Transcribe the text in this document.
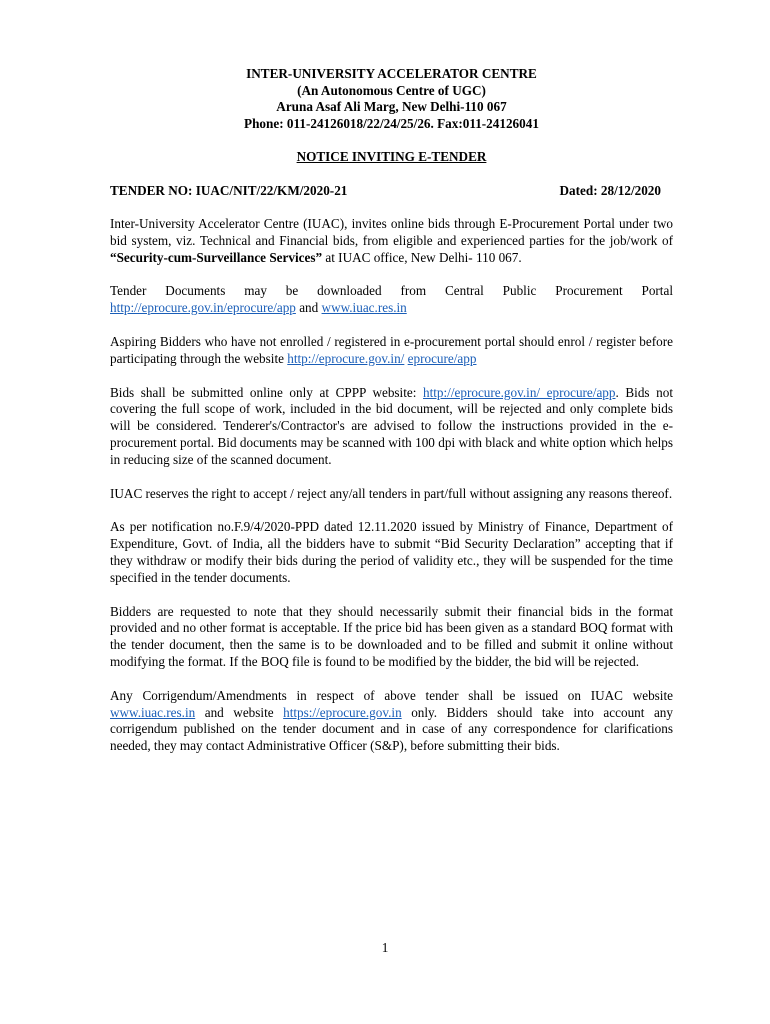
INTER-UNIVERSITY ACCELERATOR CENTRE
(An Autonomous Centre of UGC)
Aruna Asaf Ali Marg, New Delhi-110 067
Phone: 011-24126018/22/24/25/26. Fax:011-24126041
NOTICE INVITING E-TENDER
TENDER NO: IUAC/NIT/22/KM/2020-21	Dated: 28/12/2020

Inter-University Accelerator Centre (IUAC), invites online bids through E-Procurement Portal under two bid system, viz. Technical and Financial bids, from eligible and experienced parties for the job/work of “Security-cum-Surveillance Services” at IUAC office, New Delhi- 110 067.

Tender Documents may be downloaded from Central Public Procurement Portal http://eprocure.gov.in/eprocure/app and www.iuac.res.in

Aspiring Bidders who have not enrolled / registered in e-procurement portal should enrol / register before participating through the website http://eprocure.gov.in/ eprocure/app

Bids shall be submitted online only at CPPP website: http://eprocure.gov.in/ eprocure/app. Bids not covering the full scope of work, included in the bid document, will be rejected and only complete bids will be considered. Tenderer's/Contractor's are advised to follow the instructions provided in the e-procurement portal. Bid documents may be scanned with 100 dpi with black and white option which helps in reducing size of the scanned document.

IUAC reserves the right to accept / reject any/all tenders in part/full without assigning any reasons thereof.

As per notification no.F.9/4/2020-PPD dated 12.11.2020 issued by Ministry of Finance, Department of Expenditure, Govt. of India, all the bidders have to submit “Bid Security Declaration” accepting that if they withdraw or modify their bids during the period of validity etc., they will be suspended for the time specified in the tender documents.

Bidders are requested to note that they should necessarily submit their financial bids in the format provided and no other format is acceptable. If the price bid has been given as a standard BOQ format with the tender document, then the same is to be downloaded and to be filled and submit it online without modifying the format. If the BOQ file is found to be modified by the bidder, the bid will be rejected.

Any Corrigendum/Amendments in respect of above tender shall be issued on IUAC website www.iuac.res.in and website https://eprocure.gov.in only. Bidders should take into account any corrigendum published on the tender document and in case of any correspondence for clarifications needed, they may contact Administrative Officer (S&P), before submitting their bids.

1
